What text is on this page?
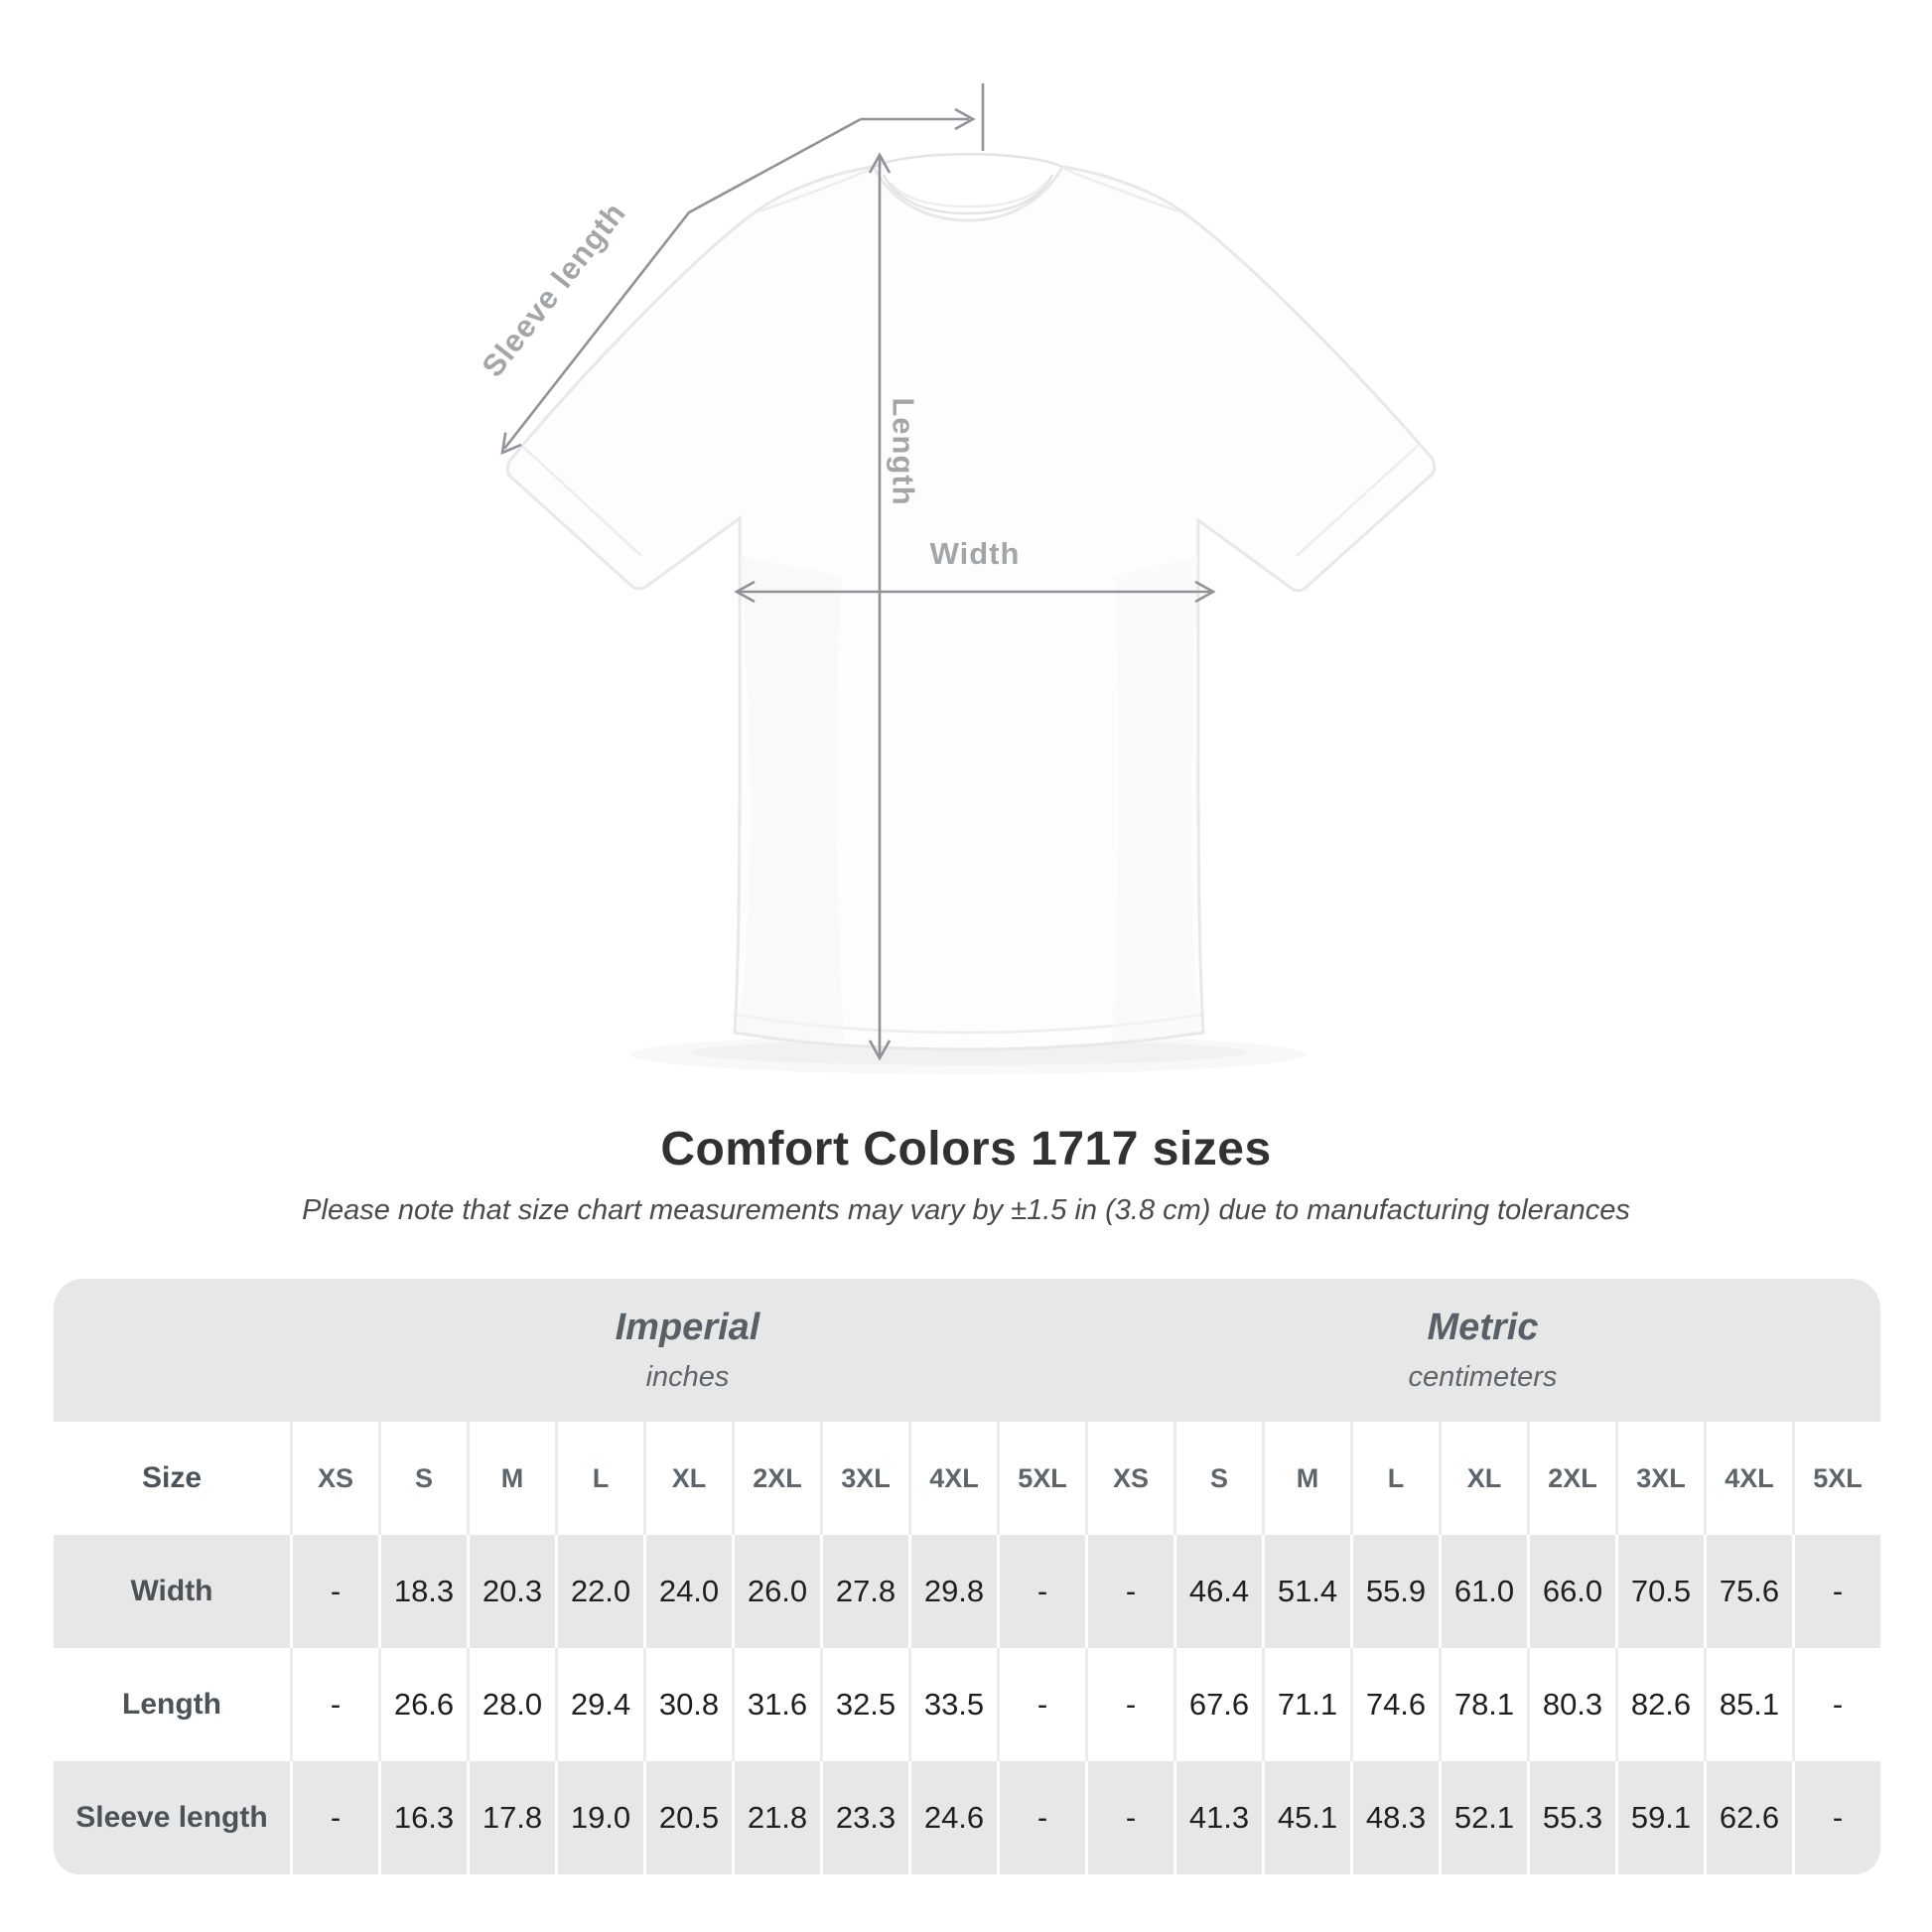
Length
Width
Sleeve length
Comfort Colors 1717 sizes
Please note that size chart measurements may vary by ±1.5 in (3.8 cm) due to manufacturing tolerances
Imperial
inches
Metric
centimeters
Size	XS	S	M	L	XL	2XL	3XL	4XL	5XL	XS	S	M	L	XL	2XL	3XL	4XL	5XL
Width	-	18.3 20.3 22.0 24.0 26.0 27.8 29.8	-	-	46.4 51.4 55.9 61.0 66.0 70.5 75.6	-
Length	-	26.6 28.0 29.4 30.8 31.6 32.5 33.5	-	-	67.6 71.1 74.6 78.1 80.3 82.6 85.1	-
Sleeve length	-	16.3 17.8 19.0 20.5 21.8 23.3 24.6	-	-	41.3 45.1 48.3 52.1 55.3 59.1 62.6	-
